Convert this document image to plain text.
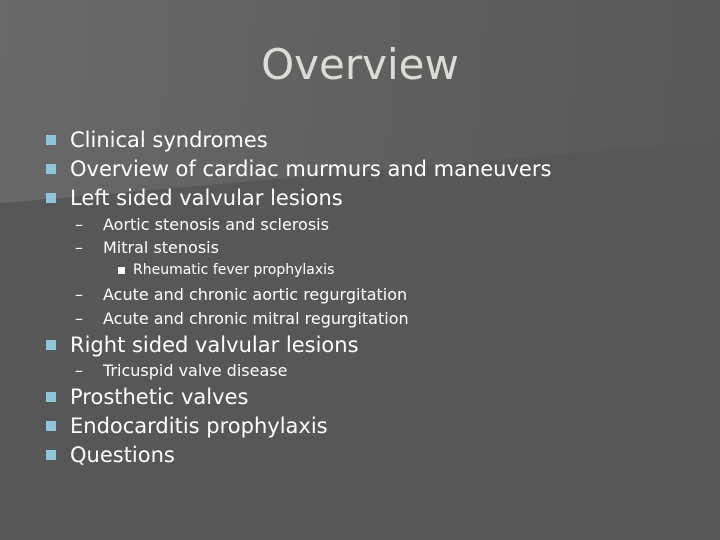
Overview
Clinical syndromes
Overview of cardiac murmurs and maneuvers
Left sided valvular lesions
– Aortic stenosis and sclerosis
– Mitral stenosis
Rheumatic fever prophylaxis
– Acute and chronic aortic regurgitation
– Acute and chronic mitral regurgitation
Right sided valvular lesions
– Tricuspid valve disease
Prosthetic valves
Endocarditis prophylaxis
Questions
